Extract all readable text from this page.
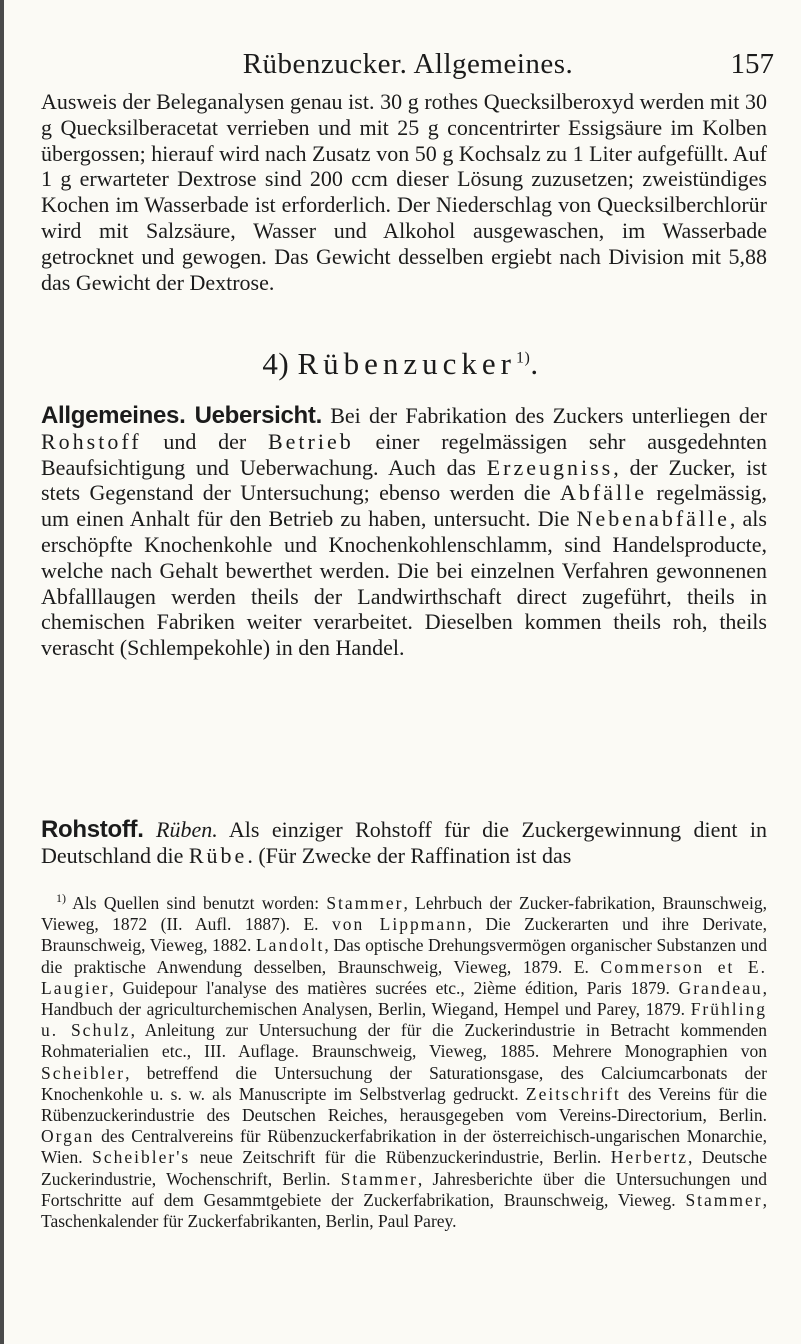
Rübenzucker. Allgemeines.	157

Ausweis der Beleganalysen genau ist. 30 g rothes Quecksilberoxyd werden mit 30 g Quecksilberacetat verrieben und mit 25 g concentrirter Essigsäure im Kolben übergossen; hierauf wird nach Zusatz von 50 g Kochsalz zu 1 Liter aufgefüllt. Auf 1 g erwarteter Dextrose sind 200 ccm dieser Lösung zuzusetzen; zweistündiges Kochen im Wasserbade ist erforderlich. Der Niederschlag von Quecksilberchlorür wird mit Salzsäure, Wasser und Alkohol ausgewaschen, im Wasserbade getrocknet und gewogen. Das Gewicht desselben ergiebt nach Division mit 5,88 das Gewicht der Dextrose.

4) Rübenzucker$^{1)}$.

Allgemeines. Uebersicht. Bei der Fabrikation des Zuckers unterliegen der Rohstoff und der Betrieb einer regelmässigen sehr ausgedehnten Beaufsichtigung und Ueberwachung. Auch das Erzeugniss, der Zucker, ist stets Gegenstand der Untersuchung; ebenso werden die Abfälle regelmässig, um einen Anhalt für den Betrieb zu haben, untersucht. Die Nebenabfälle, als erschöpfte Knochenkohle und Knochenkohlenschlamm, sind Handelsproducte, welche nach Gehalt bewerthet werden. Die bei einzelnen Verfahren gewonnenen Abfalllaugen werden theils der Landwirthschaft direct zugeführt, theils in chemischen Fabriken weiter verarbeitet. Dieselben kommen theils roh, theils verascht (Schlempekohle) in den Handel.

Rohstoff. Rüben. Als einziger Rohstoff für die Zuckergewinnung dient in Deutschland die Rübe. (Für Zwecke der Raffination ist das

$^{1)}$ Als Quellen sind benutzt worden: Stammer, Lehrbuch der Zucker-fabrikation, Braunschweig, Vieweg, 1872 (II. Aufl. 1887). E. von Lippmann, Die Zuckerarten und ihre Derivate, Braunschweig, Vieweg, 1882. Landolt, Das optische Drehungsvermögen organischer Substanzen und die praktische Anwendung desselben, Braunschweig, Vieweg, 1879. E. Commerson et E. Laugier, Guidepour l'analyse des matières sucrées etc., 2ième édition, Paris 1879. Grandeau, Handbuch der agriculturchemischen Analysen, Berlin, Wiegand, Hempel und Parey, 1879. Frühling u. Schulz, Anleitung zur Untersuchung der für die Zuckerindustrie in Betracht kommenden Rohmaterialien etc., III. Auflage. Braunschweig, Vieweg, 1885. Mehrere Monographien von Scheibler, betreffend die Untersuchung der Saturationsgase, des Calciumcarbonats der Knochenkohle u. s. w. als Manuscripte im Selbstverlag gedruckt. Zeitschrift des Vereins für die Rübenzuckerindustrie des Deutschen Reiches, herausgegeben vom Vereins-Directorium, Berlin. Organ des Centralvereins für Rübenzuckerfabrikation in der österreichisch-ungarischen Monarchie, Wien. Scheibler's neue Zeitschrift für die Rübenzuckerindustrie, Berlin. Herbertz, Deutsche Zuckerindustrie, Wochenschrift, Berlin. Stammer, Jahresberichte über die Untersuchungen und Fortschritte auf dem Gesammtgebiete der Zuckerfabrikation, Braunschweig, Vieweg. Stammer, Taschenkalender für Zuckerfabrikanten, Berlin, Paul Parey.
